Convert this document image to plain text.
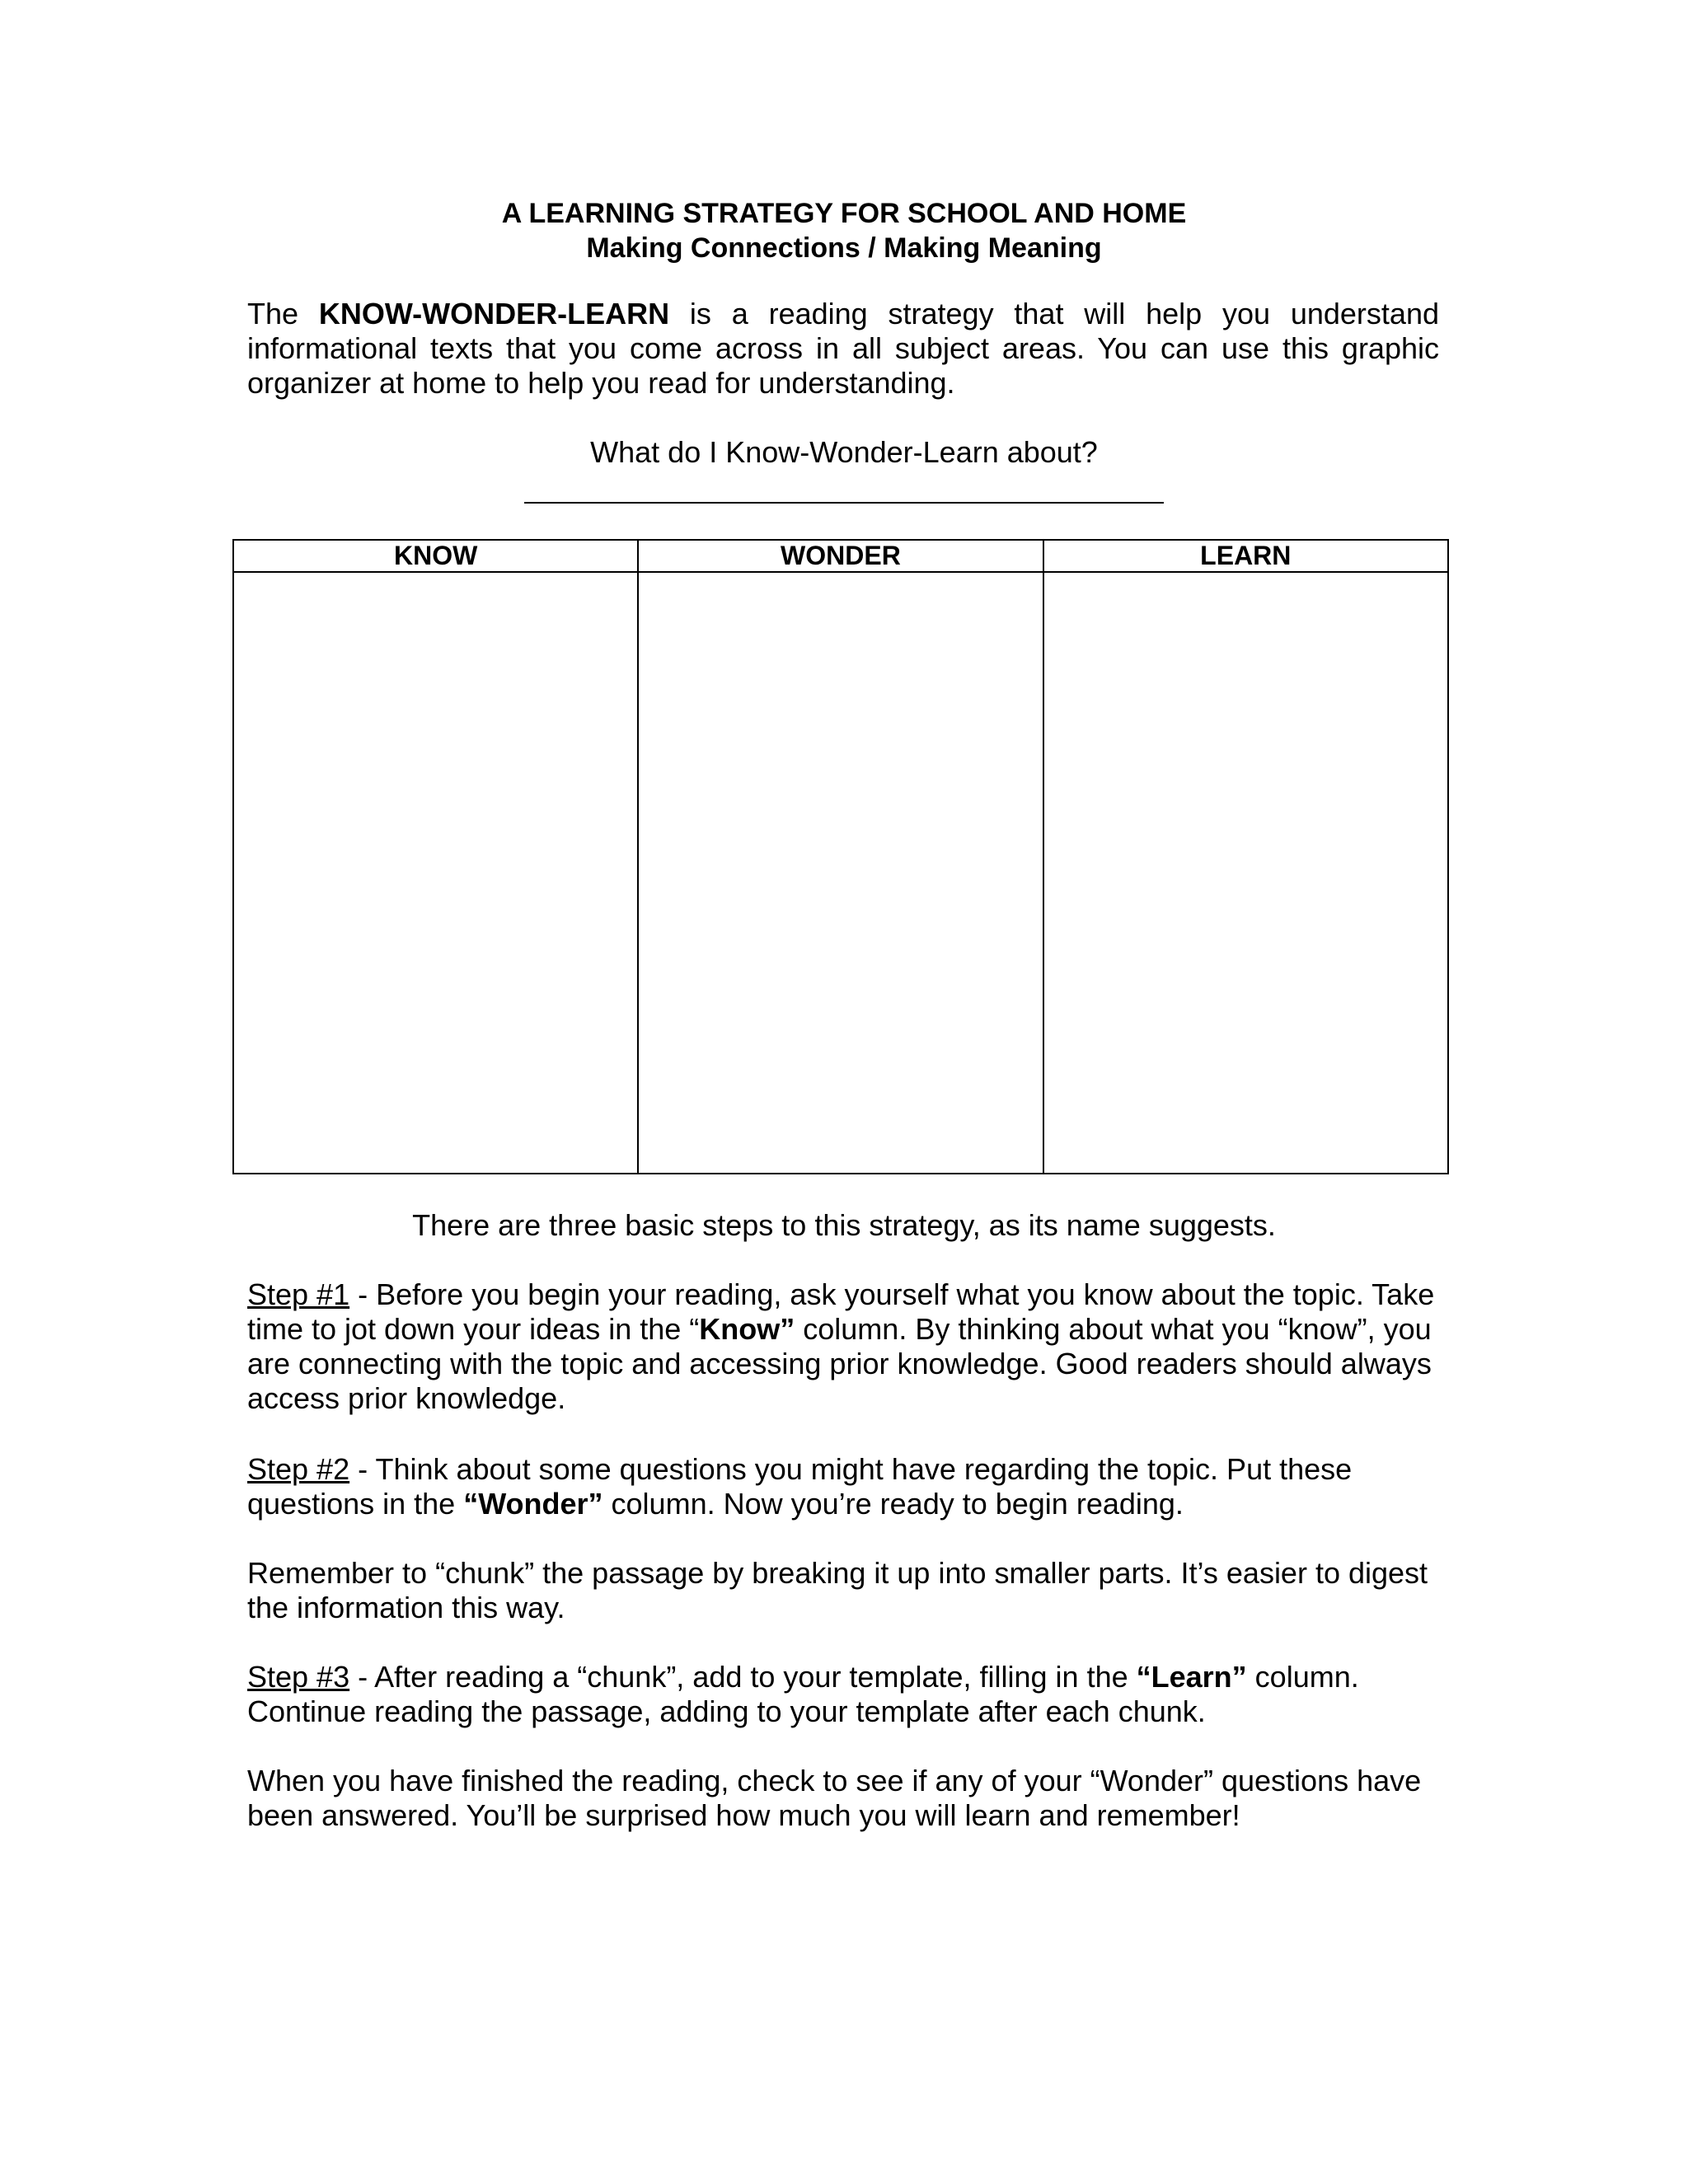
A LEARNING STRATEGY FOR SCHOOL AND HOME
Making Connections / Making Meaning

The KNOW-WONDER-LEARN is a reading strategy that will help you understand informational texts that you come across in all subject areas. You can use this graphic organizer at home to help you read for understanding.

What do I Know-Wonder-Learn about?

KNOW	WONDER	LEARN

There are three basic steps to this strategy, as its name suggests.

Step #1 - Before you begin your reading, ask yourself what you know about the topic. Take time to jot down your ideas in the “Know” column. By thinking about what you “know”, you are connecting with the topic and accessing prior knowledge. Good readers should always access prior knowledge.

Step #2 - Think about some questions you might have regarding the topic. Put these questions in the “Wonder” column. Now you’re ready to begin reading.

Remember to “chunk” the passage by breaking it up into smaller parts. It’s easier to digest the information this way.

Step #3 - After reading a “chunk”, add to your template, filling in the “Learn” column. Continue reading the passage, adding to your template after each chunk.

When you have finished the reading, check to see if any of your “Wonder” questions have been answered. You’ll be surprised how much you will learn and remember!
